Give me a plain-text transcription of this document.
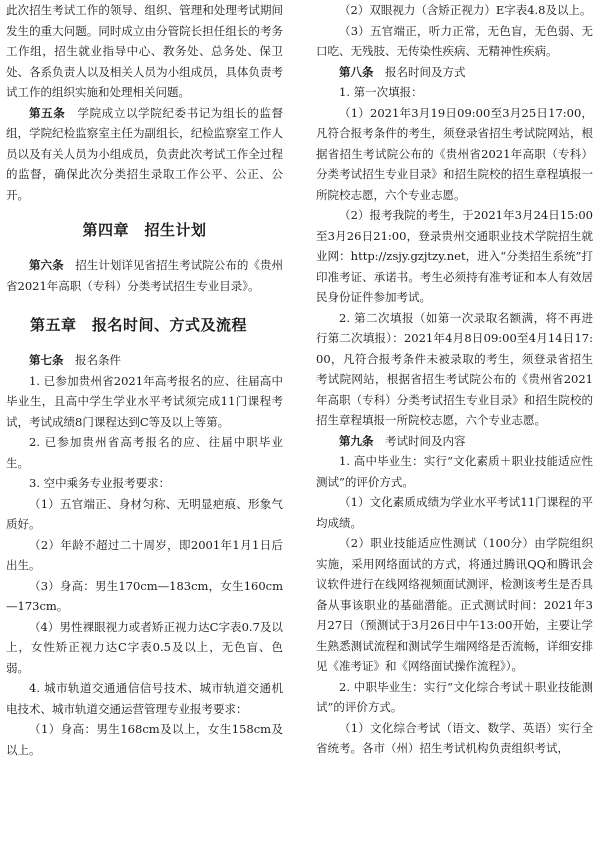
此次招生考试工作的领导、组织、管理和处理考试期间发生的重大问题。同时成立由分管院长担任组长的考务工作组，招生就业指导中心、教务处、总务处、保卫处、各系负责人以及相关人员为小组成员，具体负责考试工作的组织实施和处理相关问题。

第五条　 学院成立以学院纪委书记为组长的监督组，学院纪检监察室主任为副组长，纪检监察室工作人员以及有关人员为小组成员，负责此次考试工作全过程的监督，确保此次分类招生录取工作公平、公正、公开。

第四章　招生计划

第六条　 招生计划详见省招生考试院公布的《贵州省2021年高职（专科）分类考试招生专业目录》。

第五章　报名时间、方式及流程

第七条　 报名条件

1. 已参加贵州省2021年高考报名的应、往届高中毕业生，且高中学生学业水平考试须完成11门课程考试，考试成绩8门课程达到C等及以上等第。

2. 已参加贵州省高考报名的应、往届中职毕业生。

3. 空中乘务专业报考要求：

（1）五官端正、身材匀称、无明显疤痕、形象气质好。

（2）年龄不超过二十周岁，即2001年1月1日后出生。

（3）身高：男生170cm—183cm，女生160cm—173cm。

（4）男性裸眼视力或者矫正视力达C字表0.7及以上，女性矫正视力达C字表0.5及以上，无色盲、色弱。

4. 城市轨道交通通信信号技术、城市轨道交通机电技术、城市轨道交通运营管理专业报考要求：

（1）身高：男生168cm及以上，女生158cm及以上。

（2）双眼视力（含矫正视力）E字表4.8及以上。

（3）五官端正，听力正常，无色盲，无色弱、无口吃、无残肢、无传染性疾病、无精神性疾病。

第八条　 报名时间及方式

1. 第一次填报：

（1）2021年3月19日09:00至3月25日17:00，凡符合报考条件的考生，须登录省招生考试院网站，根据省招生考试院公布的《贵州省2021年高职（专科）分类考试招生专业目录》和招生院校的招生章程填报一所院校志愿，六个专业志愿。

（2）报考我院的考生，于2021年3月24日15:00至3月26日21:00，登录贵州交通职业技术学院招生就业网：http://zsjy.gzjtzy.net，进入“分类招生系统”打印准考证、承诺书。考生必须持有准考证和本人有效居民身份证件参加考试。

2. 第二次填报（如第一次录取名额满，将不再进行第二次填报）：2021年4月8日09:00至4月14日17:00，凡符合报考条件未被录取的考生，须登录省招生考试院网站，根据省招生考试院公布的《贵州省2021年高职（专科）分类考试招生专业目录》和招生院校的招生章程填报一所院校志愿，六个专业志愿。

第九条　 考试时间及内容

1. 高中毕业生：实行“文化素质＋职业技能适应性测试”的评价方式。

（1）文化素质成绩为学业水平考试11门课程的平均成绩。

（2）职业技能适应性测试（100分）由学院组织实施，采用网络面试的方式，将通过腾讯QQ和腾讯会议软件进行在线网络视频面试测评，检测该考生是否具备从事该职业的基础潜能。正式测试时间：2021年3月27日（预测试于3月26日中午13:00开始，主要让学生熟悉测试流程和测试学生端网络是否流畅，详细安排见《准考证》和《网络面试操作流程》）。

2. 中职毕业生：实行“文化综合考试＋职业技能测试”的评价方式。

（1）文化综合考试（语文、数学、英语）实行全省统考。各市（州）招生考试机构负责组织考试，
